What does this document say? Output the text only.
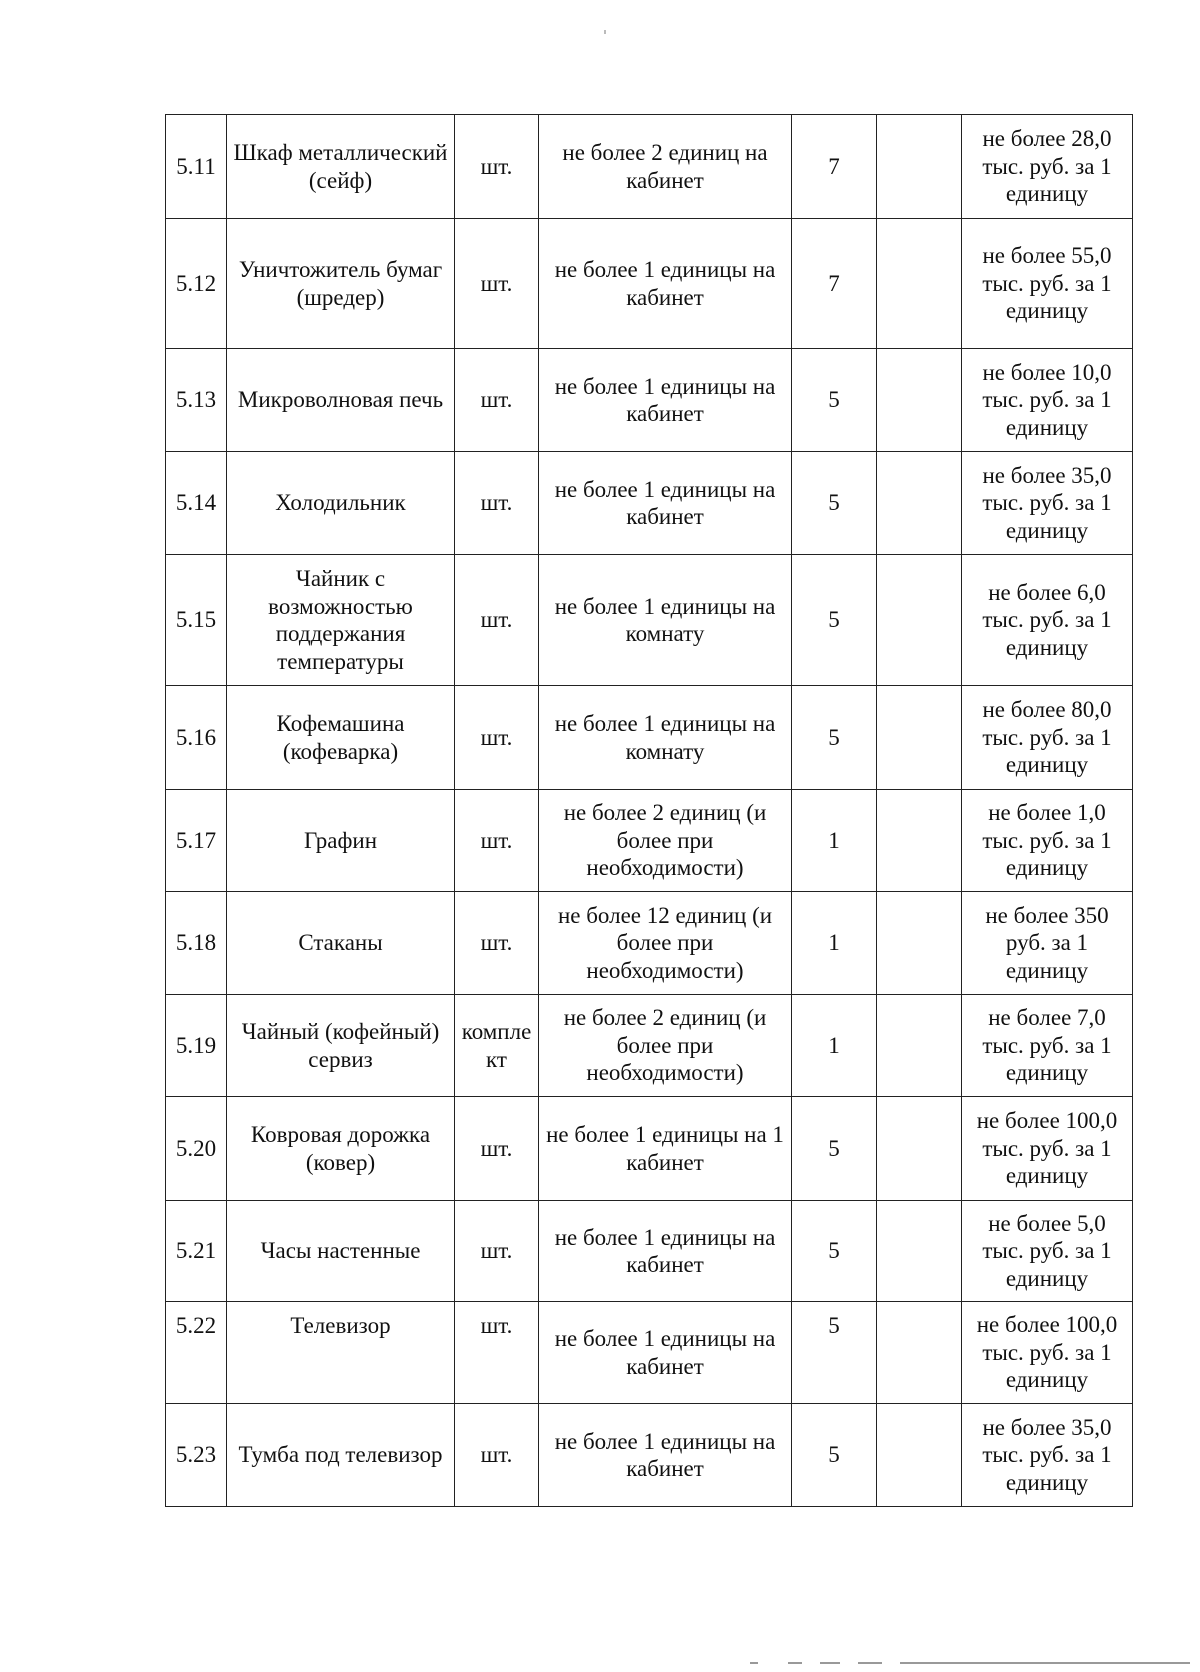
5.11	Шкаф металлический (сейф)	шт.	не более 2 единиц на кабинет	7		не более 28,0 тыс. руб. за 1 единицу
5.12	Уничтожитель бумаг (шредер)	шт.	не более 1 единицы на кабинет	7		не более 55,0 тыс. руб. за 1 единицу
5.13	Микроволновая печь	шт.	не более 1 единицы на кабинет	5		не более 10,0 тыс. руб. за 1 единицу
5.14	Холодильник	шт.	не более 1 единицы на кабинет	5		не более 35,0 тыс. руб. за 1 единицу
5.15	Чайник с возможностью поддержания температуры	шт.	не более 1 единицы на комнату	5		не более 6,0 тыс. руб. за 1 единицу
5.16	Кофемашина (кофеварка)	шт.	не более 1 единицы на комнату	5		не более 80,0 тыс. руб. за 1 единицу
5.17	Графин	шт.	не более 2 единиц (и более при необходимости)	1		не более 1,0 тыс. руб. за 1 единицу
5.18	Стаканы	шт.	не более 12 единиц (и более при необходимости)	1		не более 350 руб. за 1 единицу
5.19	Чайный (кофейный) сервиз	комплект	не более 2 единиц (и более при необходимости)	1		не более 7,0 тыс. руб. за 1 единицу
5.20	Ковровая дорожка (ковер)	шт.	не более 1 единицы на 1 кабинет	5		не более 100,0 тыс. руб. за 1 единицу
5.21	Часы настенные	шт.	не более 1 единицы на кабинет	5		не более 5,0 тыс. руб. за 1 единицу
5.22	Телевизор	шт.	не более 1 единицы на кабинет	5		не более 100,0 тыс. руб. за 1 единицу
5.23	Тумба под телевизор	шт.	не более 1 единицы на кабинет	5		не более 35,0 тыс. руб. за 1 единицу
